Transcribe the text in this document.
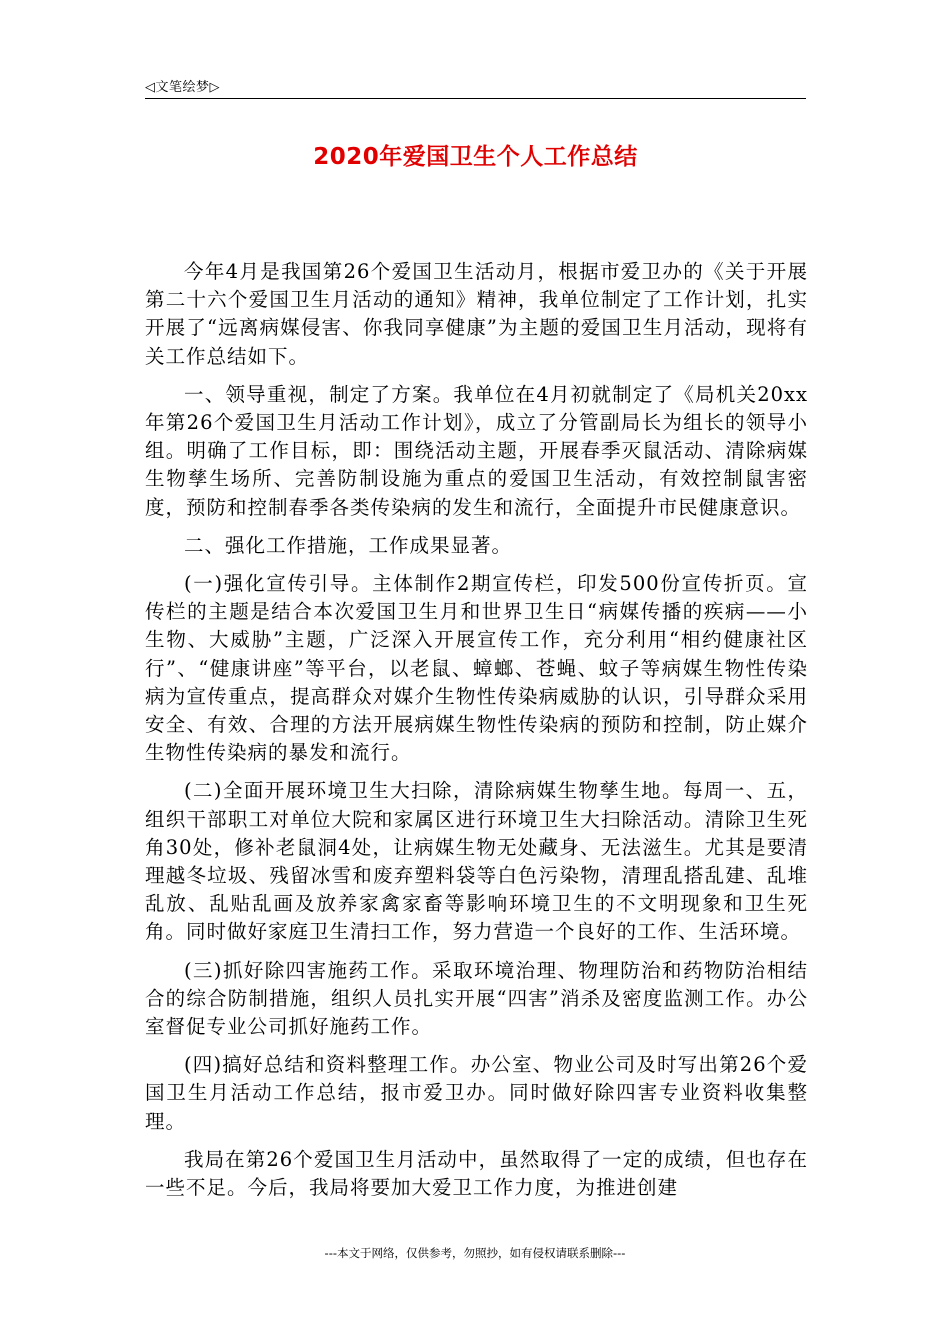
◁文笔绘梦▷
2020年爱国卫生个人工作总结

今年4月是我国第26个爱国卫生活动月，根据市爱卫办的《关于开展第二十六个爱国卫生月活动的通知》精神，我单位制定了工作计划，扎实开展了“远离病媒侵害、你我同享健康”为主题的爱国卫生月活动，现将有关工作总结如下。

一、领导重视，制定了方案。我单位在4月初就制定了《局机关20xx年第26个爱国卫生月活动工作计划》，成立了分管副局长为组长的领导小组。明确了工作目标，即：围绕活动主题，开展春季灭鼠活动、清除病媒生物孳生场所、完善防制设施为重点的爱国卫生活动，有效控制鼠害密度，预防和控制春季各类传染病的发生和流行，全面提升市民健康意识。

二、强化工作措施，工作成果显著。

(一)强化宣传引导。主体制作2期宣传栏，印发500份宣传折页。宣传栏的主题是结合本次爱国卫生月和世界卫生日“病媒传播的疾病——小生物、大威胁”主题，广泛深入开展宣传工作，充分利用“相约健康社区行”、“健康讲座”等平台，以老鼠、蟑螂、苍蝇、蚊子等病媒生物性传染病为宣传重点，提高群众对媒介生物性传染病威胁的认识，引导群众采用安全、有效、合理的方法开展病媒生物性传染病的预防和控制，防止媒介生物性传染病的暴发和流行。

(二)全面开展环境卫生大扫除，清除病媒生物孳生地。每周一、五，组织干部职工对单位大院和家属区进行环境卫生大扫除活动。清除卫生死角30处，修补老鼠洞4处，让病媒生物无处藏身、无法滋生。尤其是要清理越冬垃圾、残留冰雪和废弃塑料袋等白色污染物，清理乱搭乱建、乱堆乱放、乱贴乱画及放养家禽家畜等影响环境卫生的不文明现象和卫生死角。同时做好家庭卫生清扫工作，努力营造一个良好的工作、生活环境。

(三)抓好除四害施药工作。采取环境治理、物理防治和药物防治相结合的综合防制措施，组织人员扎实开展“四害”消杀及密度监测工作。办公室督促专业公司抓好施药工作。

(四)搞好总结和资料整理工作。办公室、物业公司及时写出第26个爱国卫生月活动工作总结，报市爱卫办。同时做好除四害专业资料收集整理。

我局在第26个爱国卫生月活动中，虽然取得了一定的成绩，但也存在一些不足。今后，我局将要加大爱卫工作力度，为推进创建

---本文于网络，仅供参考，勿照抄，如有侵权请联系删除---
